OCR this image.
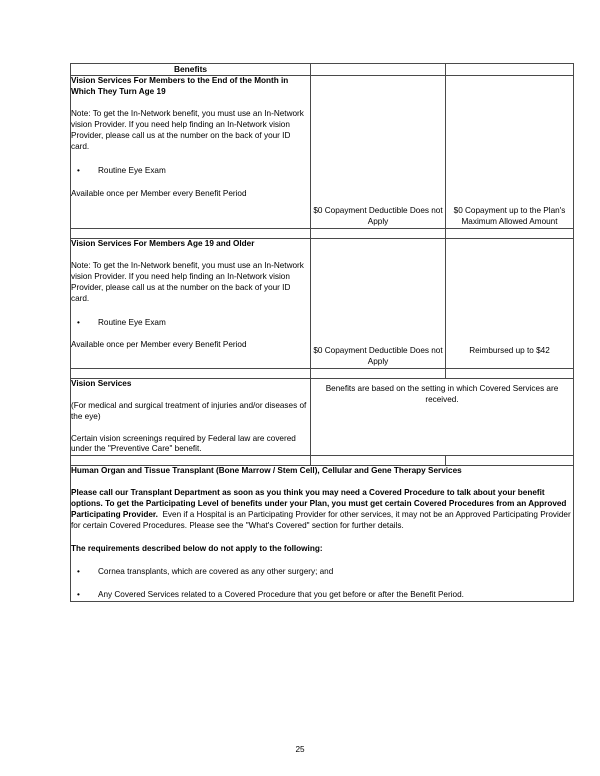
Benefits		

Vision Services For Members to the End of the Month in Which They Turn Age 19

Note: To get the In-Network benefit, you must use an In-Network vision Provider. If you need help finding an In-Network vision Provider, please call us at the number on the back of your ID card.

• Routine Eye Exam

Available once per Member every Benefit Period	$0 Copayment Deductible Does not Apply	$0 Copayment up to the Plan's Maximum Allowed Amount

Vision Services For Members Age 19 and Older

Note: To get the In-Network benefit, you must use an In-Network vision Provider. If you need help finding an In-Network vision Provider, please call us at the number on the back of your ID card.

• Routine Eye Exam

Available once per Member every Benefit Period	$0 Copayment Deductible Does not Apply	Reimbursed up to $42

Vision Services

(For medical and surgical treatment of injuries and/or diseases of the eye)

Certain vision screenings required by Federal law are covered under the "Preventive Care" benefit.	Benefits are based on the setting in which Covered Services are received.	

Human Organ and Tissue Transplant (Bone Marrow / Stem Cell), Cellular and Gene Therapy Services

Please call our Transplant Department as soon as you think you may need a Covered Procedure to talk about your benefit options. To get the Participating Level of benefits under your Plan, you must get certain Covered Procedures from an Approved Participating Provider. Even if a Hospital is an Participating Provider for other services, it may not be an Approved Participating Provider for certain Covered Procedures. Please see the "What's Covered" section for further details.

The requirements described below do not apply to the following:

•	Cornea transplants, which are covered as any other surgery; and
•	Any Covered Services related to a Covered Procedure that you get before or after the Benefit Period.
25
